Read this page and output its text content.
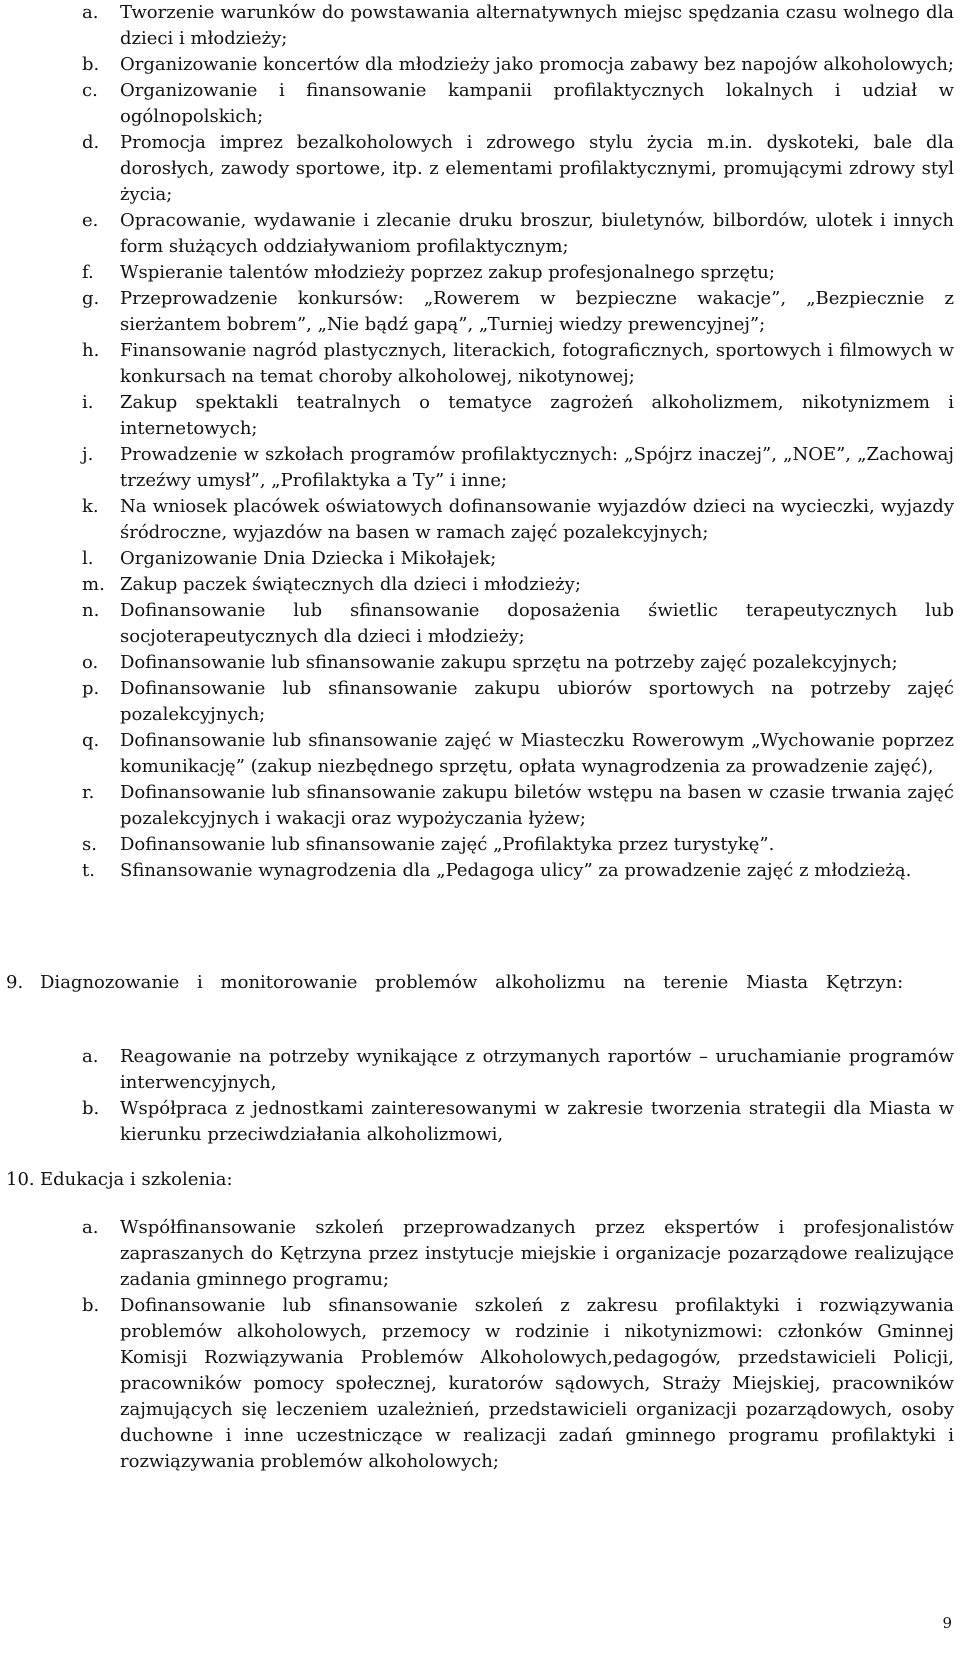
a. Tworzenie warunków do powstawania alternatywnych miejsc spędzania czasu wolnego dla dzieci i młodzieży;
b. Organizowanie koncertów dla młodzieży jako promocja zabawy bez napojów alkoholowych;
c. Organizowanie i finansowanie kampanii profilaktycznych lokalnych i udział w ogólnopolskich;
d. Promocja imprez bezalkoholowych i zdrowego stylu życia m.in. dyskoteki, bale dla dorosłych, zawody sportowe, itp. z elementami profilaktycznymi, promującymi zdrowy styl życia;
e. Opracowanie, wydawanie i zlecanie druku broszur, biuletynów, bilbordów, ulotek i innych form służących oddziaływaniom profilaktycznym;
f. Wspieranie talentów młodzieży poprzez zakup profesjonalnego sprzętu;
g. Przeprowadzenie konkursów: „Rowerem w bezpieczne wakacje”, „Bezpiecznie z sierżantem bobrem”, „Nie bądź gapą”, „Turniej wiedzy prewencyjnej”;
h. Finansowanie nagród plastycznych, literackich, fotograficznych, sportowych i filmowych w konkursach na temat choroby alkoholowej, nikotynowej;
i. Zakup spektakli teatralnych o tematyce zagrożeń alkoholizmem, nikotynizmem i internetowych;
j. Prowadzenie w szkołach programów profilaktycznych: „Spójrz inaczej”, „NOE”, „Zachowaj trzeźwy umysł”, „Profilaktyka a Ty” i inne;
k. Na wniosek placówek oświatowych dofinansowanie wyjazdów dzieci na wycieczki, wyjazdy śródroczne, wyjazdów na basen w ramach zajęć pozalekcyjnych;
l. Organizowanie Dnia Dziecka i Mikołajek;
m. Zakup paczek świątecznych dla dzieci i młodzieży;
n. Dofinansowanie lub sfinansowanie doposażenia świetlic terapeutycznych lub socjoterapeutycznych dla dzieci i młodzieży;
o. Dofinansowanie lub sfinansowanie zakupu sprzętu na potrzeby zajęć pozalekcyjnych;
p. Dofinansowanie lub sfinansowanie zakupu ubiorów sportowych na potrzeby zajęć pozalekcyjnych;
q. Dofinansowanie lub sfinansowanie zajęć w Miasteczku Rowerowym „Wychowanie poprzez komunikację” (zakup niezbędnego sprzętu, opłata wynagrodzenia za prowadzenie zajęć),
r. Dofinansowanie lub sfinansowanie zakupu biletów wstępu na basen w czasie trwania zajęć pozalekcyjnych i wakacji oraz wypożyczania łyżew;
s. Dofinansowanie lub sfinansowanie zajęć „Profilaktyka przez turystykę”.
t. Sfinansowanie wynagrodzenia dla „Pedagoga ulicy” za prowadzenie zajęć z młodzieżą.

9. Diagnozowanie i monitorowanie problemów alkoholizmu na terenie Miasta Kętrzyn:

a. Reagowanie na potrzeby wynikające z otrzymanych raportów – uruchamianie programów interwencyjnych,
b. Współpraca z jednostkami zainteresowanymi w zakresie tworzenia strategii dla Miasta w kierunku przeciwdziałania alkoholizmowi,

10. Edukacja i szkolenia:

a. Współfinansowanie szkoleń przeprowadzanych przez ekspertów i profesjonalistów zapraszanych do Kętrzyna przez instytucje miejskie i organizacje pozarządowe realizujące zadania gminnego programu;
b. Dofinansowanie lub sfinansowanie szkoleń z zakresu profilaktyki i rozwiązywania problemów alkoholowych, przemocy w rodzinie i nikotynizmowi: członków Gminnej Komisji Rozwiązywania Problemów Alkoholowych,pedagogów, przedstawicieli Policji, pracowników pomocy społecznej, kuratorów sądowych, Straży Miejskiej, pracowników zajmujących się leczeniem uzależnień, przedstawicieli organizacji pozarządowych, osoby duchowne i inne uczestniczące w realizacji zadań gminnego programu profilaktyki i rozwiązywania problemów alkoholowych;
9
